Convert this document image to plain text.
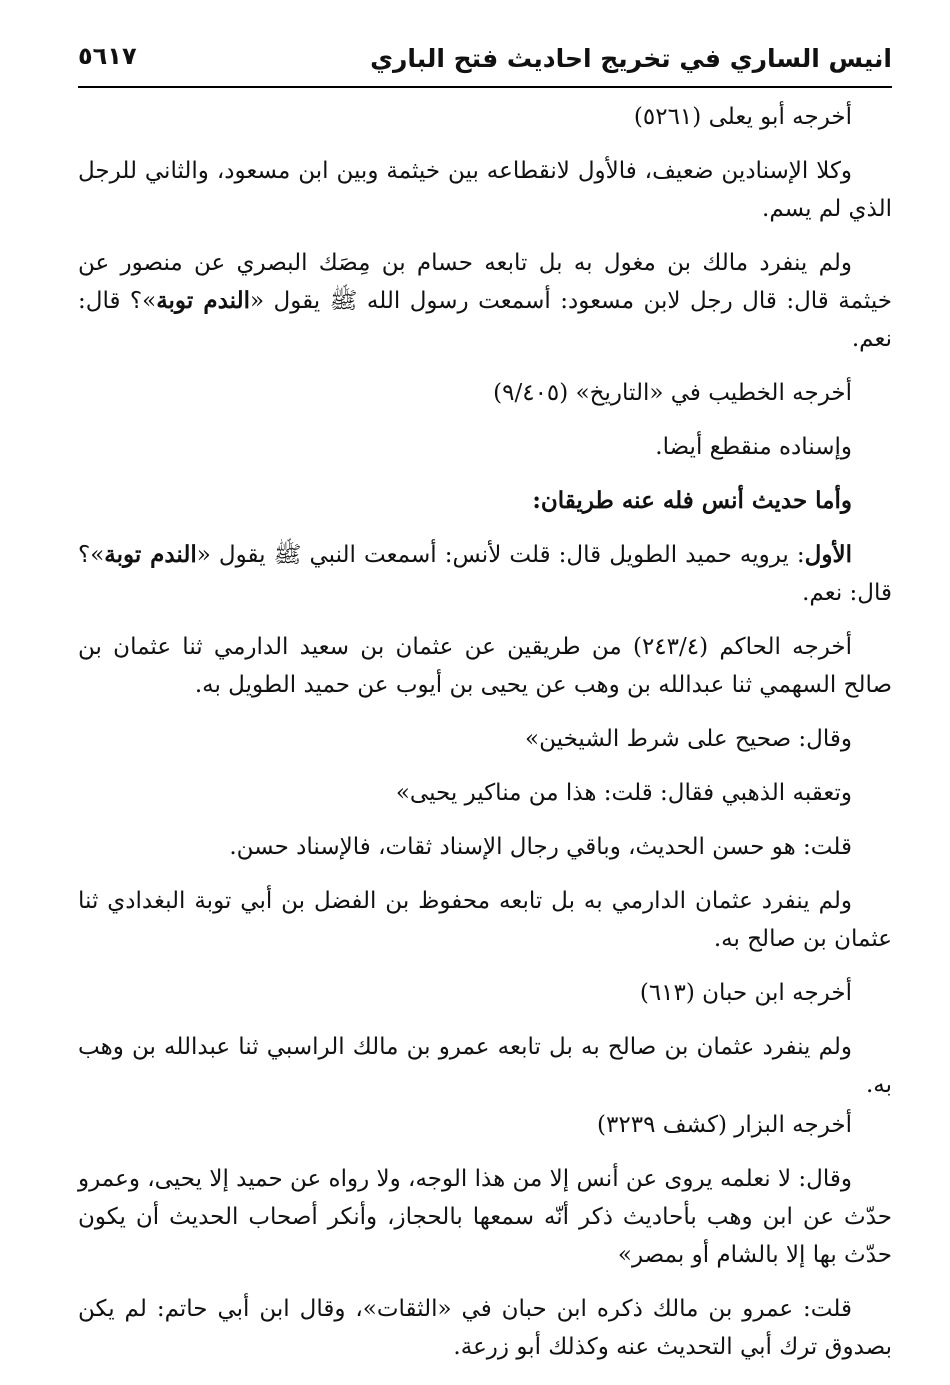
انيس الساري في تخريج احاديث فتح الباري
٥٦١٧

أخرجه أبو يعلى (٥٢٦١)

وكلا الإسنادين ضعيف، فالأول لانقطاعه بين خيثمة وبين ابن مسعود، والثاني للرجل الذي لم يسم.

ولم ينفرد مالك بن مغول به بل تابعه حسام بن مِصَك البصري عن منصور عن خيثمة قال: قال رجل لابن مسعود: أسمعت رسول الله ﷺ يقول «الندم توبة»؟ قال: نعم.

أخرجه الخطيب في «التاريخ» (٩/٤٠٥)

وإسناده منقطع أيضا.

وأما حديث أنس فله عنه طريقان:

الأول: يرويه حميد الطويل قال: قلت لأنس: أسمعت النبي ﷺ يقول «الندم توبة»؟ قال: نعم.

أخرجه الحاكم (٢٤٣/٤) من طريقين عن عثمان بن سعيد الدارمي ثنا عثمان بن صالح السهمي ثنا عبدالله بن وهب عن يحيى بن أيوب عن حميد الطويل به.

وقال: صحيح على شرط الشيخين»

وتعقبه الذهبي فقال: قلت: هذا من مناكير يحيى»

قلت: هو حسن الحديث، وباقي رجال الإسناد ثقات، فالإسناد حسن.

ولم ينفرد عثمان الدارمي به بل تابعه محفوظ بن الفضل بن أبي توبة البغدادي ثنا عثمان بن صالح به.

أخرجه ابن حبان (٦١٣)

ولم ينفرد عثمان بن صالح به بل تابعه عمرو بن مالك الراسبي ثنا عبدالله بن وهب به.

أخرجه البزار (كشف ٣٢٣٩)

وقال: لا نعلمه يروى عن أنس إلا من هذا الوجه، ولا رواه عن حميد إلا يحيى، وعمرو حدّث عن ابن وهب بأحاديث ذكر أنّه سمعها بالحجاز، وأنكر أصحاب الحديث أن يكون حدّث بها إلا بالشام أو بمصر»

قلت: عمرو بن مالك ذكره ابن حبان في «الثقات»، وقال ابن أبي حاتم: لم يكن بصدوق ترك أبي التحديث عنه وكذلك أبو زرعة.
